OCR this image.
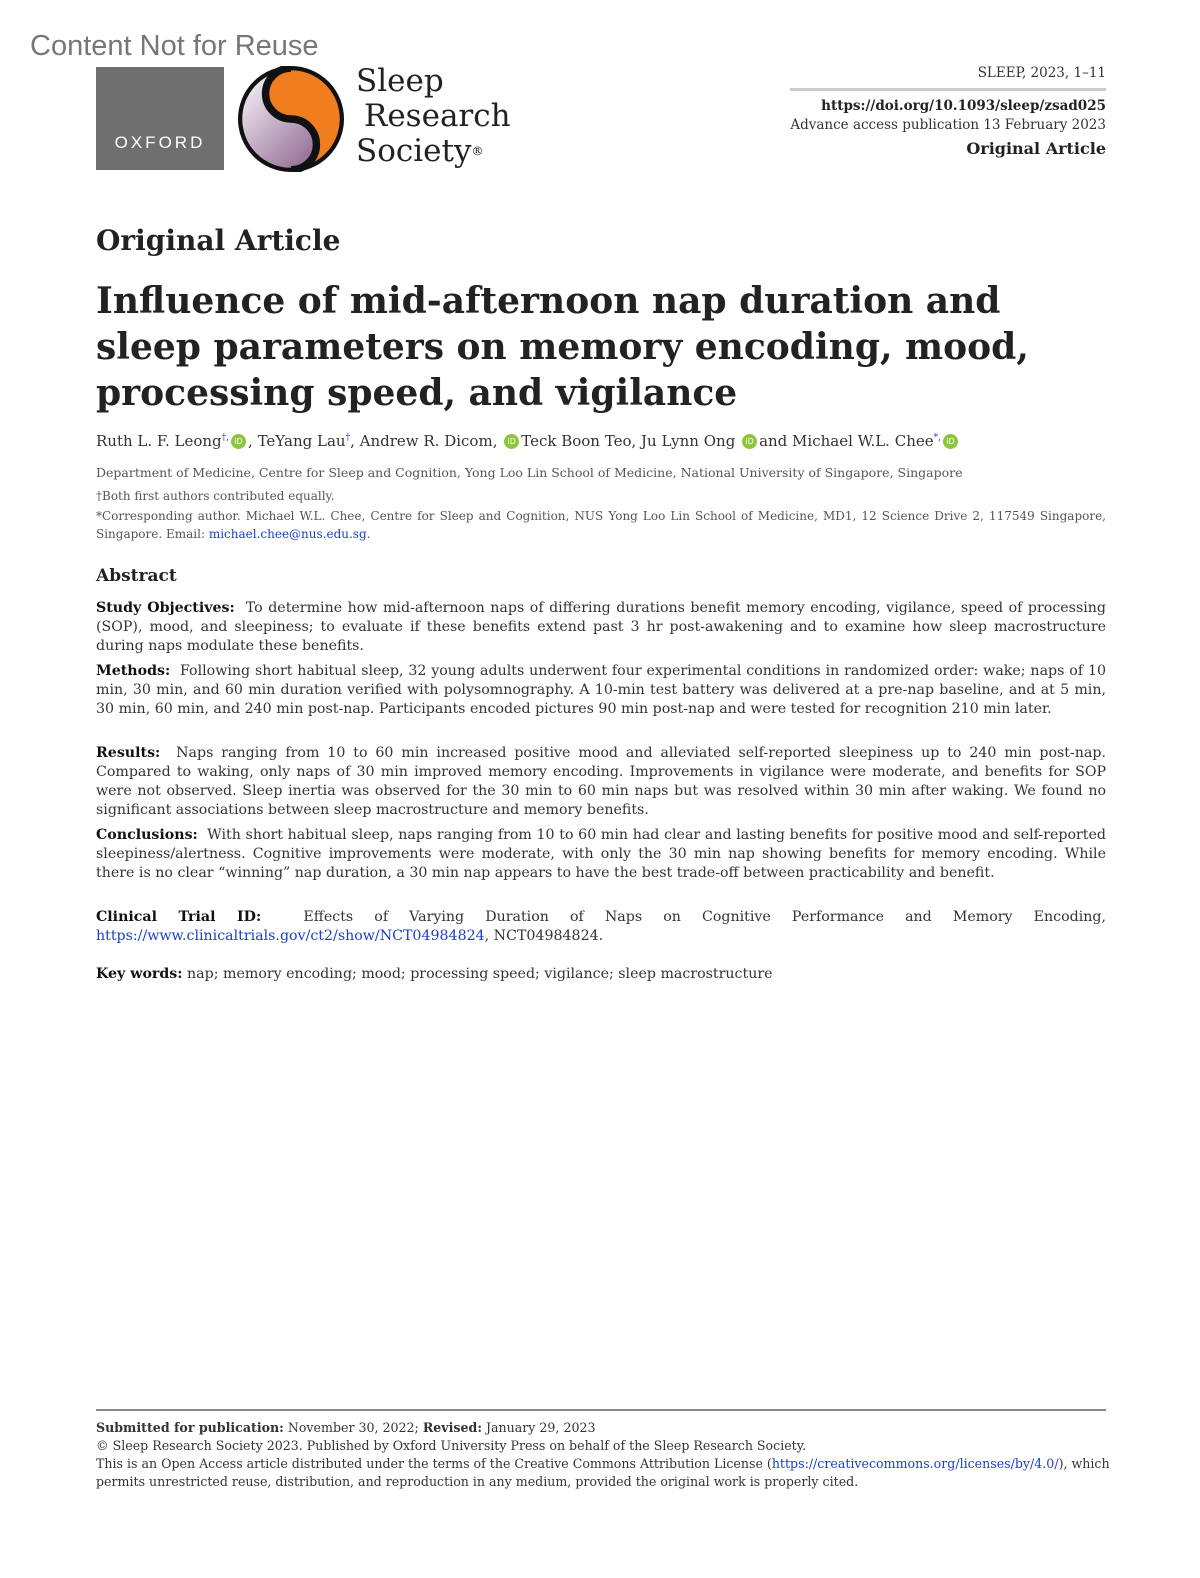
Content Not for Reuse
OXFORD
Sleep
Research
Society®
SLEEP, 2023, 1–11
https://doi.org/10.1093/sleep/zsad025
Advance access publication 13 February 2023
Original Article
Original Article
Influence of mid-afternoon nap duration and sleep parameters on memory encoding, mood, processing speed, and vigilance
Ruth L. F. Leong†, iD , TeYang Lau†, Andrew R. Dicom, iD Teck Boon Teo, Ju Lynn Ong iD and Michael W.L. Chee*, iD
Department of Medicine, Centre for Sleep and Cognition, Yong Loo Lin School of Medicine, National University of Singapore, Singapore
†Both first authors contributed equally.
*Corresponding author. Michael W.L. Chee, Centre for Sleep and Cognition, NUS Yong Loo Lin School of Medicine, MD1, 12 Science Drive 2, 117549 Singapore, Singapore. Email: michael.chee@nus.edu.sg.
Abstract
Study Objectives: To determine how mid-afternoon naps of differing durations benefit memory encoding, vigilance, speed of processing (SOP), mood, and sleepiness; to evaluate if these benefits extend past 3 hr post-awakening and to examine how sleep macrostructure during naps modulate these benefits.
Methods: Following short habitual sleep, 32 young adults underwent four experimental conditions in randomized order: wake; naps of 10 min, 30 min, and 60 min duration verified with polysomnography. A 10-min test battery was delivered at a pre-nap baseline, and at 5 min, 30 min, 60 min, and 240 min post-nap. Participants encoded pictures 90 min post-nap and were tested for recognition 210 min later.
Results: Naps ranging from 10 to 60 min increased positive mood and alleviated self-reported sleepiness up to 240 min post-nap. Compared to waking, only naps of 30 min improved memory encoding. Improvements in vigilance were moderate, and benefits for SOP were not observed. Sleep inertia was observed for the 30 min to 60 min naps but was resolved within 30 min after waking. We found no significant associations between sleep macrostructure and memory benefits.
Conclusions: With short habitual sleep, naps ranging from 10 to 60 min had clear and lasting benefits for positive mood and self-reported sleepiness/alertness. Cognitive improvements were moderate, with only the 30 min nap showing benefits for memory encoding. While there is no clear “winning” nap duration, a 30 min nap appears to have the best trade-off between practicability and benefit.
Clinical Trial ID:	Effects of Varying Duration of Naps on Cognitive Performance and Memory Encoding, https://www.clinicaltrials.gov/ct2/show/NCT04984824, NCT04984824.
Key words: nap; memory encoding; mood; processing speed; vigilance; sleep macrostructure
Submitted for publication: November 30, 2022; Revised: January 29, 2023
© Sleep Research Society 2023. Published by Oxford University Press on behalf of the Sleep Research Society.
This is an Open Access article distributed under the terms of the Creative Commons Attribution License (https://creativecommons.org/licenses/by/4.0/), which
permits unrestricted reuse, distribution, and reproduction in any medium, provided the original work is properly cited.
